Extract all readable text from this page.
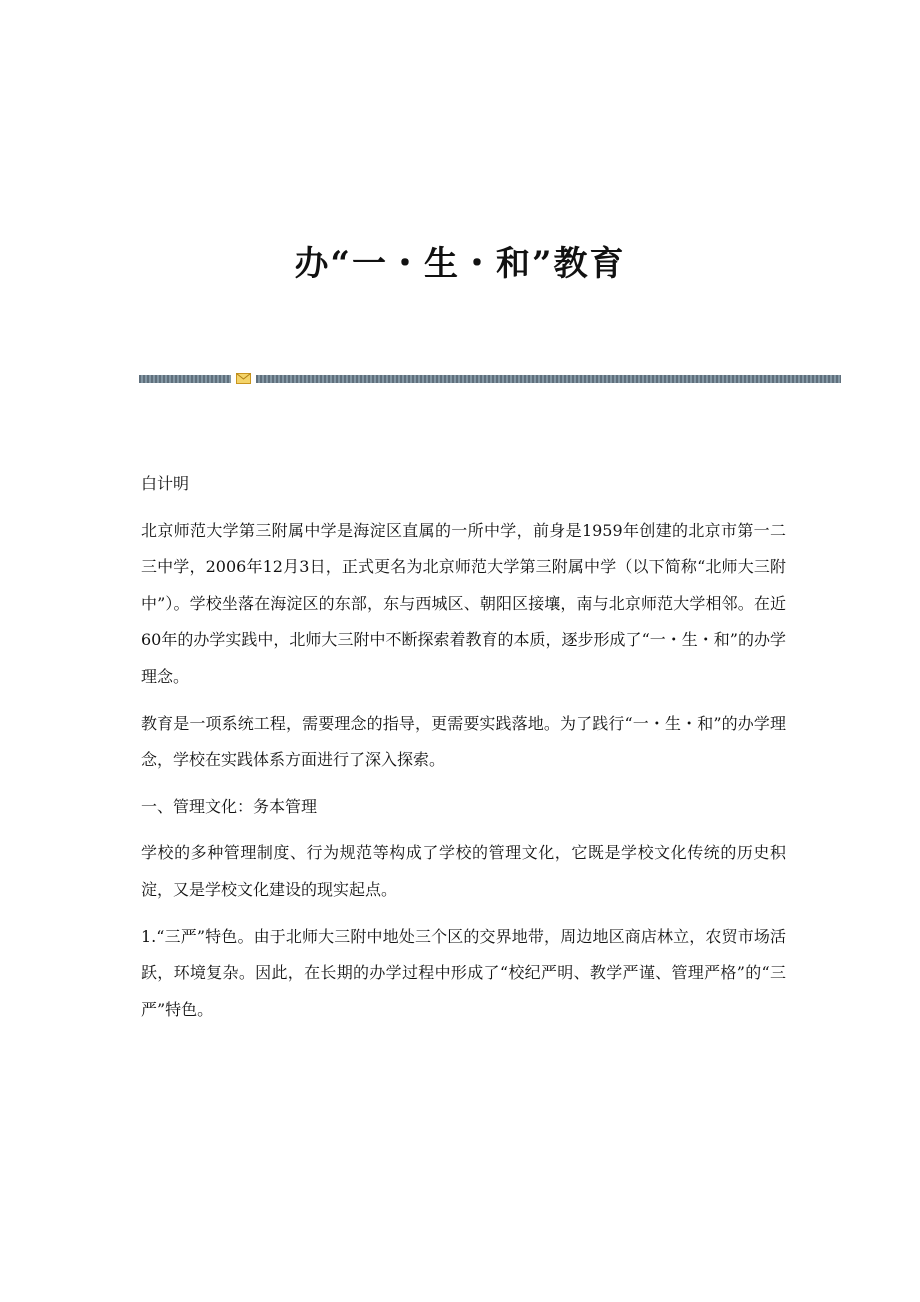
办“一・生・和”教育

白计明

北京师范大学第三附属中学是海淀区直属的一所中学，前身是1959年创建的北京市第一二三中学，2006年12月3日，正式更名为北京师范大学第三附属中学（以下简称“北师大三附中”）。学校坐落在海淀区的东部，东与西城区、朝阳区接壤，南与北京师范大学相邻。在近60年的办学实践中，北师大三附中不断探索着教育的本质，逐步形成了“一・生・和”的办学理念。

教育是一项系统工程，需要理念的指导，更需要实践落地。为了践行“一・生・和”的办学理念，学校在实践体系方面进行了深入探索。

一、管理文化：务本管理

学校的多种管理制度、行为规范等构成了学校的管理文化，它既是学校文化传统的历史积淀，又是学校文化建设的现实起点。

1.“三严”特色。由于北师大三附中地处三个区的交界地带，周边地区商店林立，农贸市场活跃，环境复杂。因此，在长期的办学过程中形成了“校纪严明、教学严谨、管理严格”的“三严”特色。
